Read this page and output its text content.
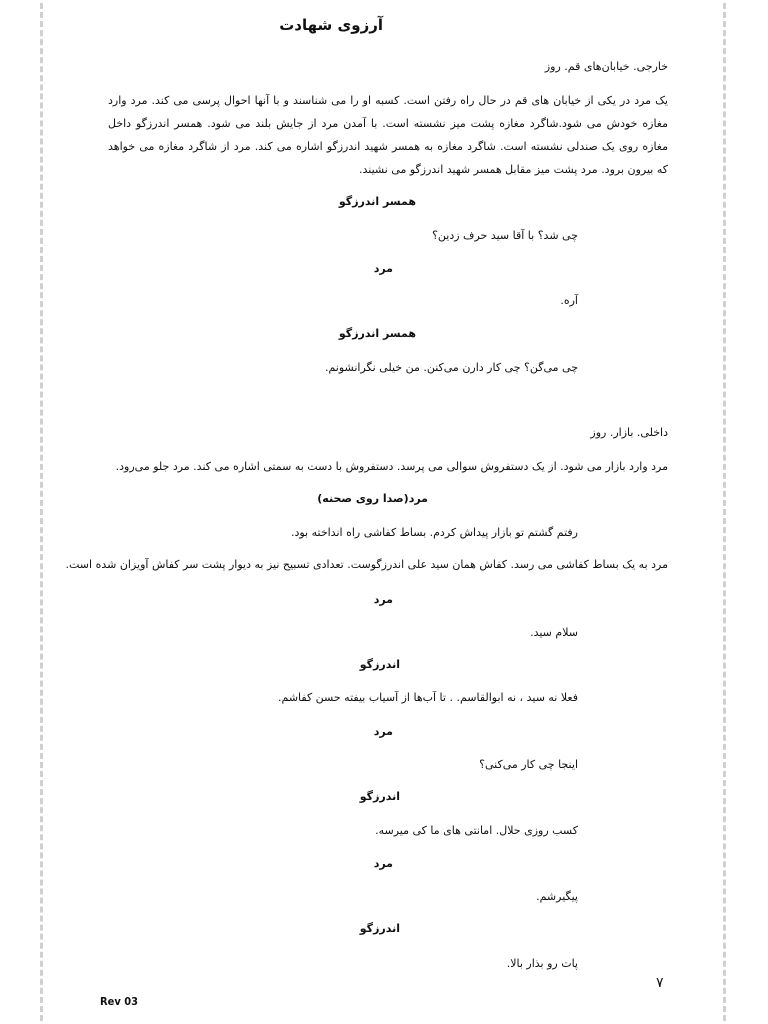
آرزوی شهادت
خارجی. خیابان‌های قم. روز
یک مرد در یکی از خیابان های قم در حال راه رفتن است. کسبه او را می شناسند و با آنها احوال پرسی می کند. مرد وارد مغازه خودش می شود.شاگرد مغازه پشت میز نشسته است. با آمدن مرد از جایش بلند می شود. همسر اندرزگو داخل مغازه روی یک صندلی نشسته است. شاگرد مغازه به همسر شهید اندرزگو اشاره می کند. مرد از شاگرد مغازه می خواهد که بیرون برود. مرد پشت میز مقابل همسر شهید اندرزگو می نشیند.
همسر اندرزگو
چی شد؟ با آقا سید حرف زدین؟
مرد
آره.
همسر اندرزگو
چی می‌گن؟ چی کار دارن می‌کنن. من خیلی نگرانشونم.
داخلی. بازار. روز
مرد وارد بازار می شود. از یک دستفروش سوالی می پرسد. دستفروش با دست به سمتی اشاره می کند. مرد جلو می‌رود.
مرد(صدا روی صحنه)
رفتم گشتم تو بازار پیداش کردم. بساط کفاشی راه انداخته بود.
مرد به یک بساط کفاشی می رسد. کفاش همان سید علی اندرزگوست. تعدادی تسبیح نیز به دیوار پشت سر کفاش آویزان شده است.
مرد
سلام سید.
اندرزگو
فعلا نه سید ، نه ابوالقاسم. . تا آب‌ها از آسیاب بیفته حسن کفاشم.
مرد
اینجا چی کار می‌کنی؟
اندرزگو
کسب روزی حلال. امانتی های ما کی میرسه.
مرد
پیگیرشم.
اندرزگو
پات رو بذار بالا.
۷
Rev 03
